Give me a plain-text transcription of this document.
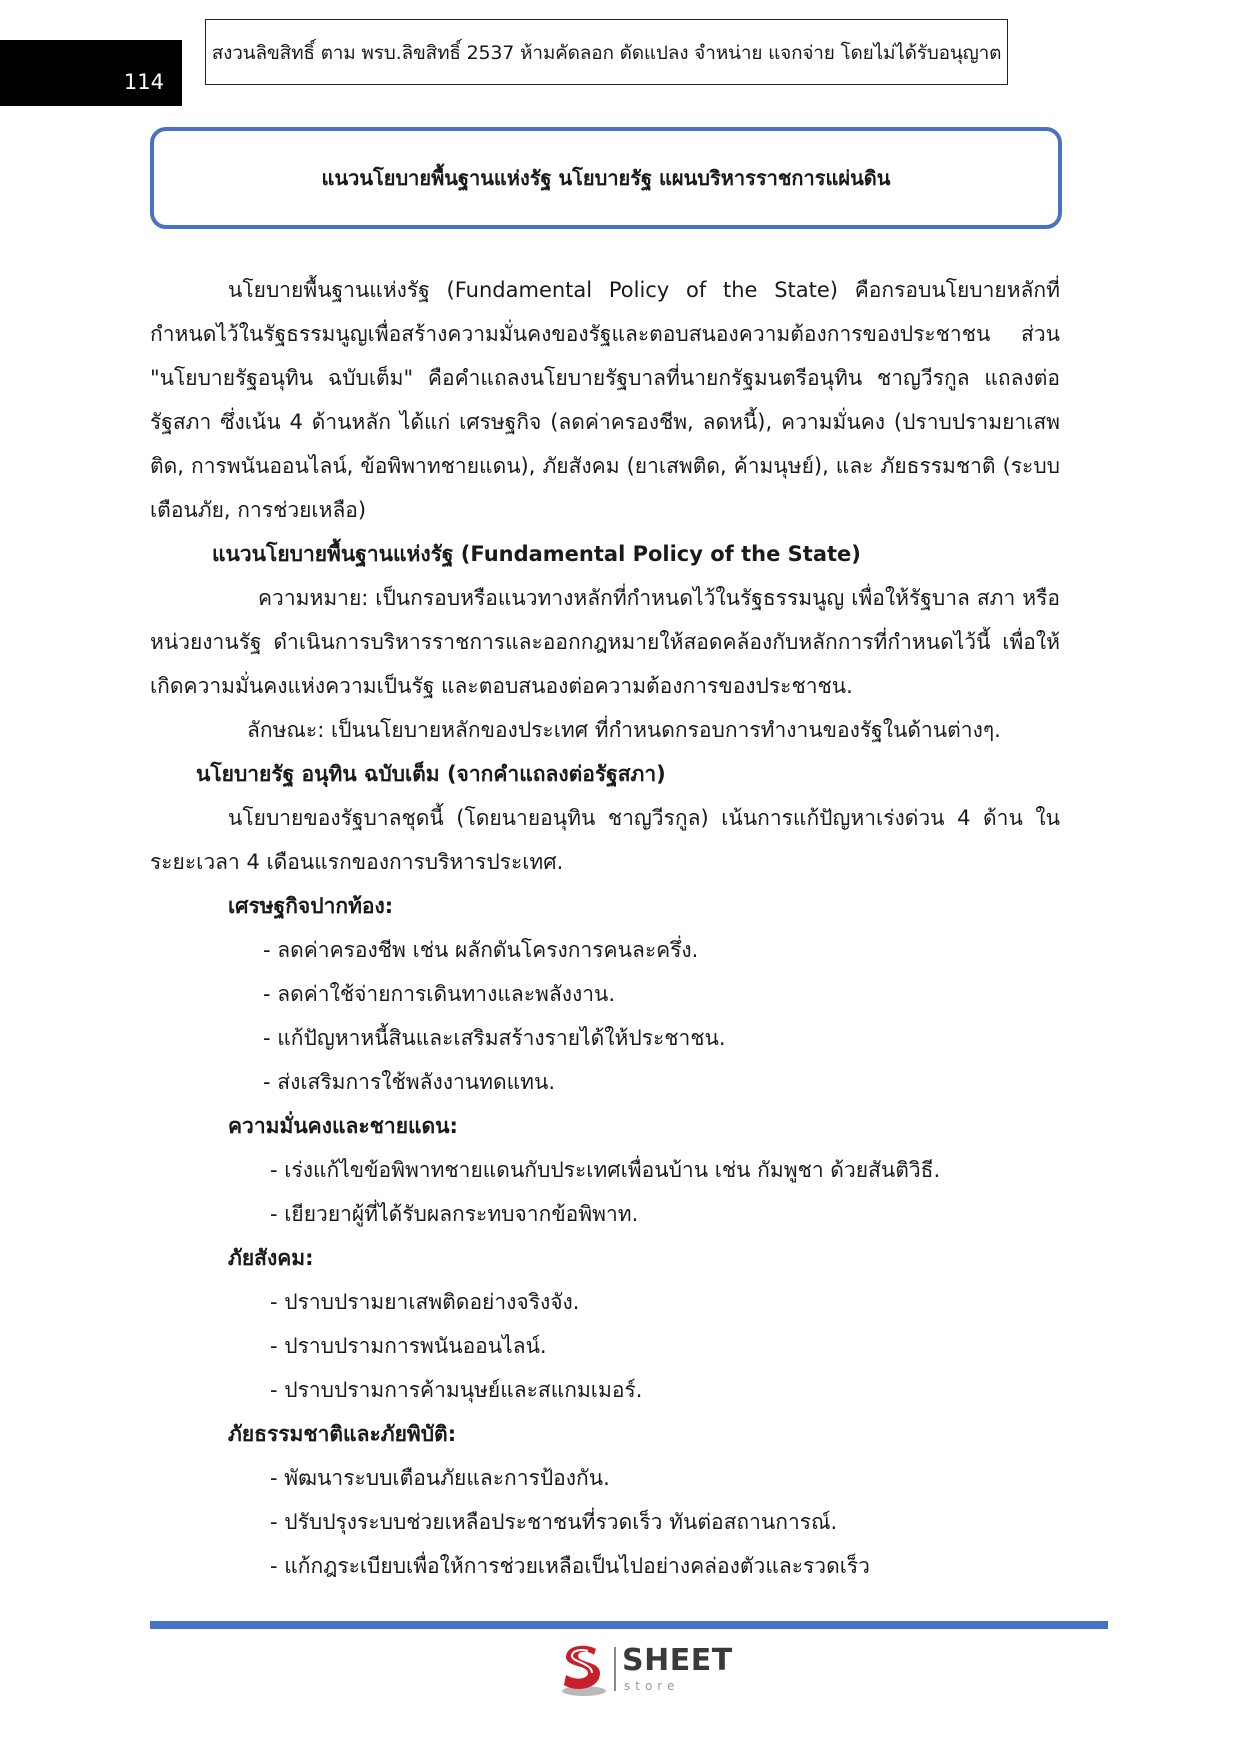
114
สงวนลิขสิทธิ์ ตาม พรบ.ลิขสิทธิ์ 2537 ห้ามคัดลอก ดัดแปลง จำหน่าย แจกจ่าย โดยไม่ได้รับอนุญาต
แนวนโยบายพื้นฐานแห่งรัฐ นโยบายรัฐ แผนบริหารราชการแผ่นดิน

นโยบายพื้นฐานแห่งรัฐ (Fundamental Policy of the State) คือกรอบนโยบายหลักที่กำหนดไว้ในรัฐธรรมนูญเพื่อสร้างความมั่นคงของรัฐและตอบสนองความต้องการของประชาชน ส่วน "นโยบายรัฐอนุทิน ฉบับเต็ม" คือคำแถลงนโยบายรัฐบาลที่นายกรัฐมนตรีอนุทิน ชาญวีรกูล แถลงต่อรัฐสภา ซึ่งเน้น 4 ด้านหลัก ได้แก่ เศรษฐกิจ (ลดค่าครองชีพ, ลดหนี้), ความมั่นคง (ปราบปรามยาเสพติด, การพนันออนไลน์, ข้อพิพาทชายแดน), ภัยสังคม (ยาเสพติด, ค้ามนุษย์), และ ภัยธรรมชาติ (ระบบเตือนภัย, การช่วยเหลือ)

แนวนโยบายพื้นฐานแห่งรัฐ (Fundamental Policy of the State)

ความหมาย: เป็นกรอบหรือแนวทางหลักที่กำหนดไว้ในรัฐธรรมนูญ เพื่อให้รัฐบาล สภา หรือหน่วยงานรัฐ ดำเนินการบริหารราชการและออกกฎหมายให้สอดคล้องกับหลักการที่กำหนดไว้นี้ เพื่อให้เกิดความมั่นคงแห่งความเป็นรัฐ และตอบสนองต่อความต้องการของประชาชน.

ลักษณะ: เป็นนโยบายหลักของประเทศ ที่กำหนดกรอบการทำงานของรัฐในด้านต่างๆ.

นโยบายรัฐ อนุทิน ฉบับเต็ม (จากคำแถลงต่อรัฐสภา)

นโยบายของรัฐบาลชุดนี้ (โดยนายอนุทิน ชาญวีรกูล) เน้นการแก้ปัญหาเร่งด่วน 4 ด้าน ในระยะเวลา 4 เดือนแรกของการบริหารประเทศ.

เศรษฐกิจปากท้อง:

- ลดค่าครองชีพ เช่น ผลักดันโครงการคนละครึ่ง.

- ลดค่าใช้จ่ายการเดินทางและพลังงาน.

- แก้ปัญหาหนี้สินและเสริมสร้างรายได้ให้ประชาชน.

- ส่งเสริมการใช้พลังงานทดแทน.

ความมั่นคงและชายแดน:

- เร่งแก้ไขข้อพิพาทชายแดนกับประเทศเพื่อนบ้าน เช่น กัมพูชา ด้วยสันติวิธี.

- เยียวยาผู้ที่ได้รับผลกระทบจากข้อพิพาท.

ภัยสังคม:

- ปราบปรามยาเสพติดอย่างจริงจัง.

- ปราบปรามการพนันออนไลน์.

- ปราบปรามการค้ามนุษย์และสแกมเมอร์.

ภัยธรรมชาติและภัยพิบัติ:

- พัฒนาระบบเตือนภัยและการป้องกัน.

- ปรับปรุงระบบช่วยเหลือประชาชนที่รวดเร็ว ทันต่อสถานการณ์.

- แก้กฎระเบียบเพื่อให้การช่วยเหลือเป็นไปอย่างคล่องตัวและรวดเร็ว

SHEET
store
